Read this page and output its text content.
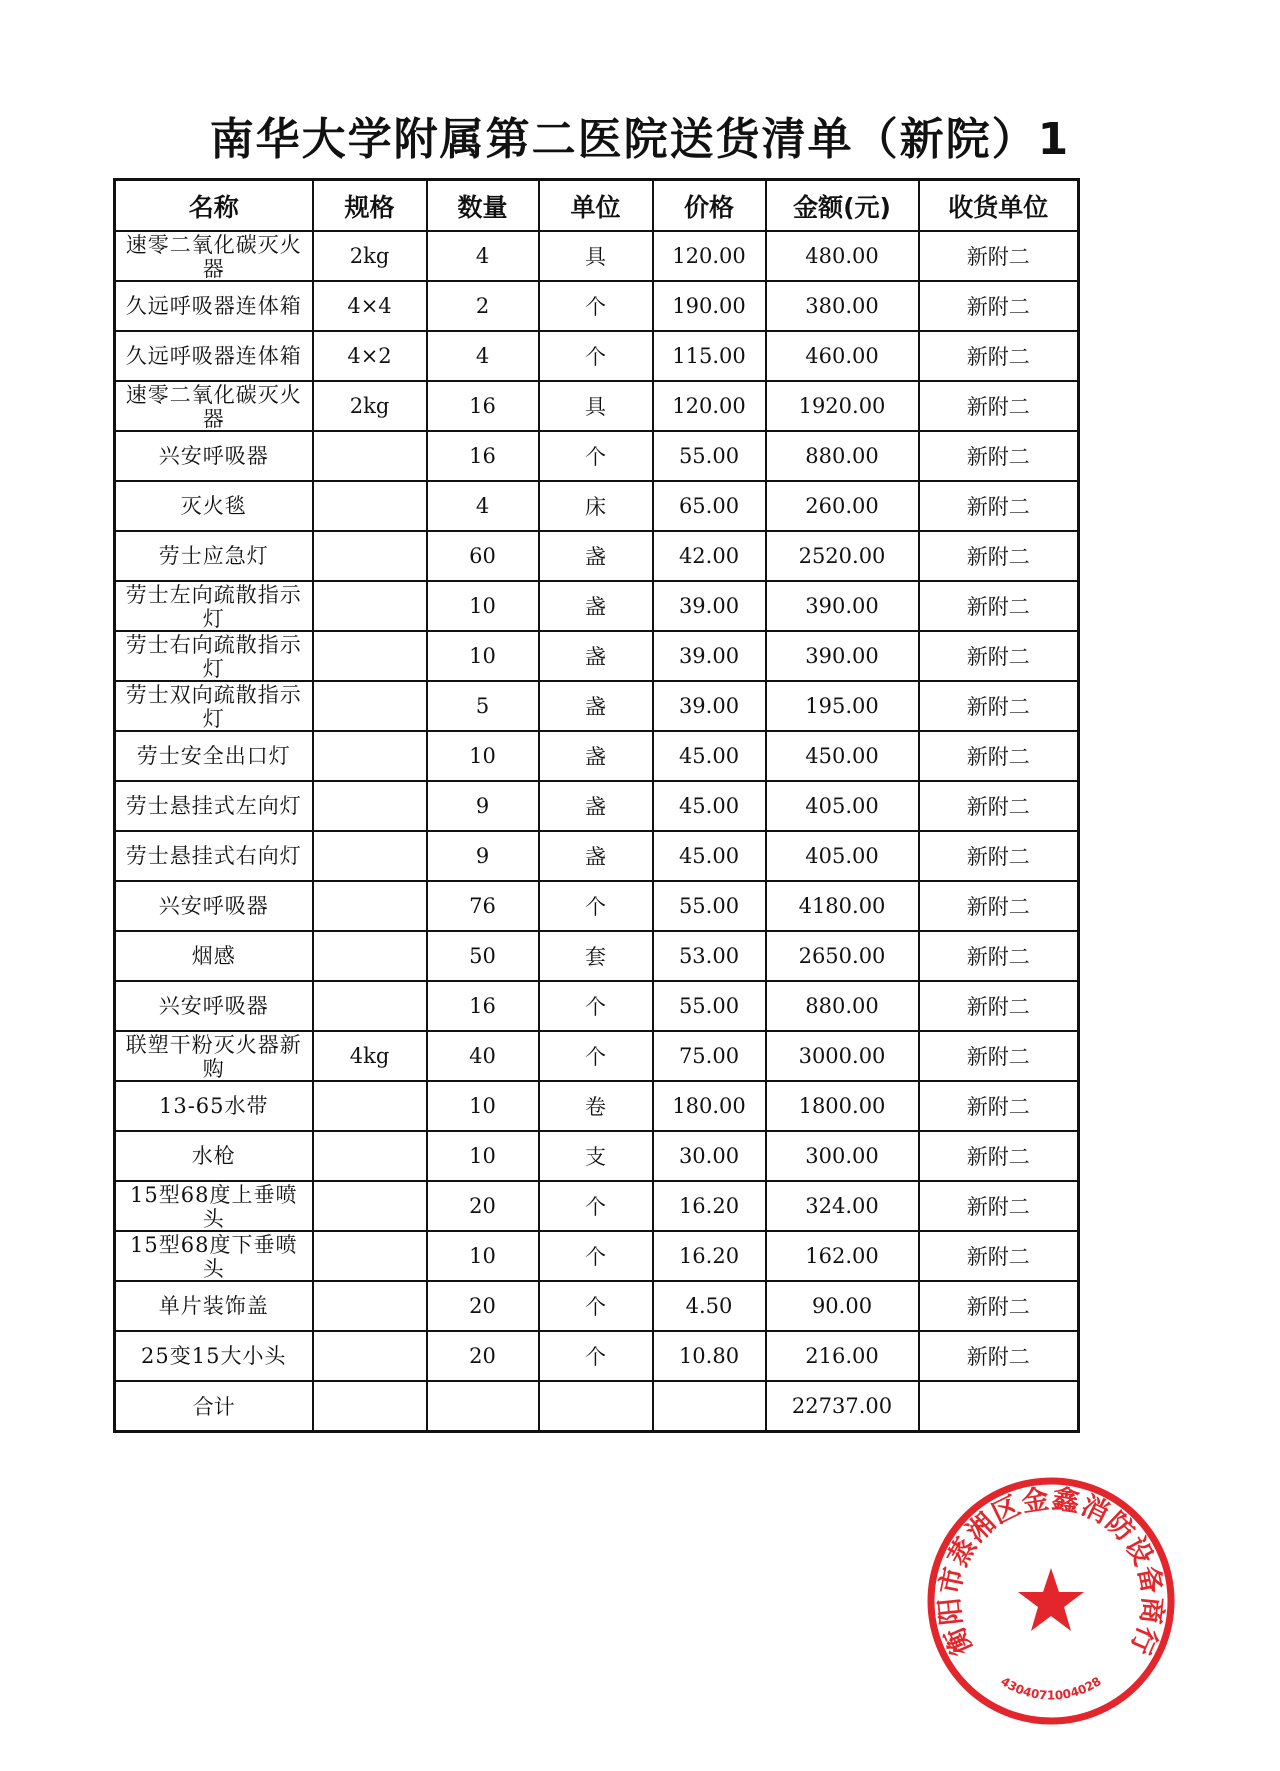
南华大学附属第二医院送货清单（新院）1
名称	规格	数量	单位	价格	金额(元)	收货单位

速零二氧化碳灭火器	2kg	4	具	120.00	480.00	新附二

久远呼吸器连体箱	4×4	2	个	190.00	380.00	新附二

久远呼吸器连体箱	4×2	4	个	115.00	460.00	新附二

速零二氧化碳灭火器	2kg	16	具	120.00	1920.00	新附二

兴安呼吸器		16	个	55.00	880.00	新附二

灭火毯		4	床	65.00	260.00	新附二

劳士应急灯		60	盏	42.00	2520.00	新附二

劳士左向疏散指示灯		10	盏	39.00	390.00	新附二

劳士右向疏散指示灯		10	盏	39.00	390.00	新附二

劳士双向疏散指示灯		5	盏	39.00	195.00	新附二

劳士安全出口灯		10	盏	45.00	450.00	新附二

劳士悬挂式左向灯		9	盏	45.00	405.00	新附二

劳士悬挂式右向灯		9	盏	45.00	405.00	新附二

兴安呼吸器		76	个	55.00	4180.00	新附二

烟感		50	套	53.00	2650.00	新附二

兴安呼吸器		16	个	55.00	880.00	新附二

联塑干粉灭火器新购	4kg	40	个	75.00	3000.00	新附二

13-65水带		10	卷	180.00	1800.00	新附二

水枪		10	支	30.00	300.00	新附二

15型68度上垂喷头		20	个	16.20	324.00	新附二

15型68度下垂喷头		10	个	16.20	162.00	新附二

单片装饰盖		20	个	4.50	90.00	新附二

25变15大小头		20	个	10.80	216.00	新附二
合计					22737.00	
衡阳市蒸湘区金鑫消防设备商行
4304071004028
